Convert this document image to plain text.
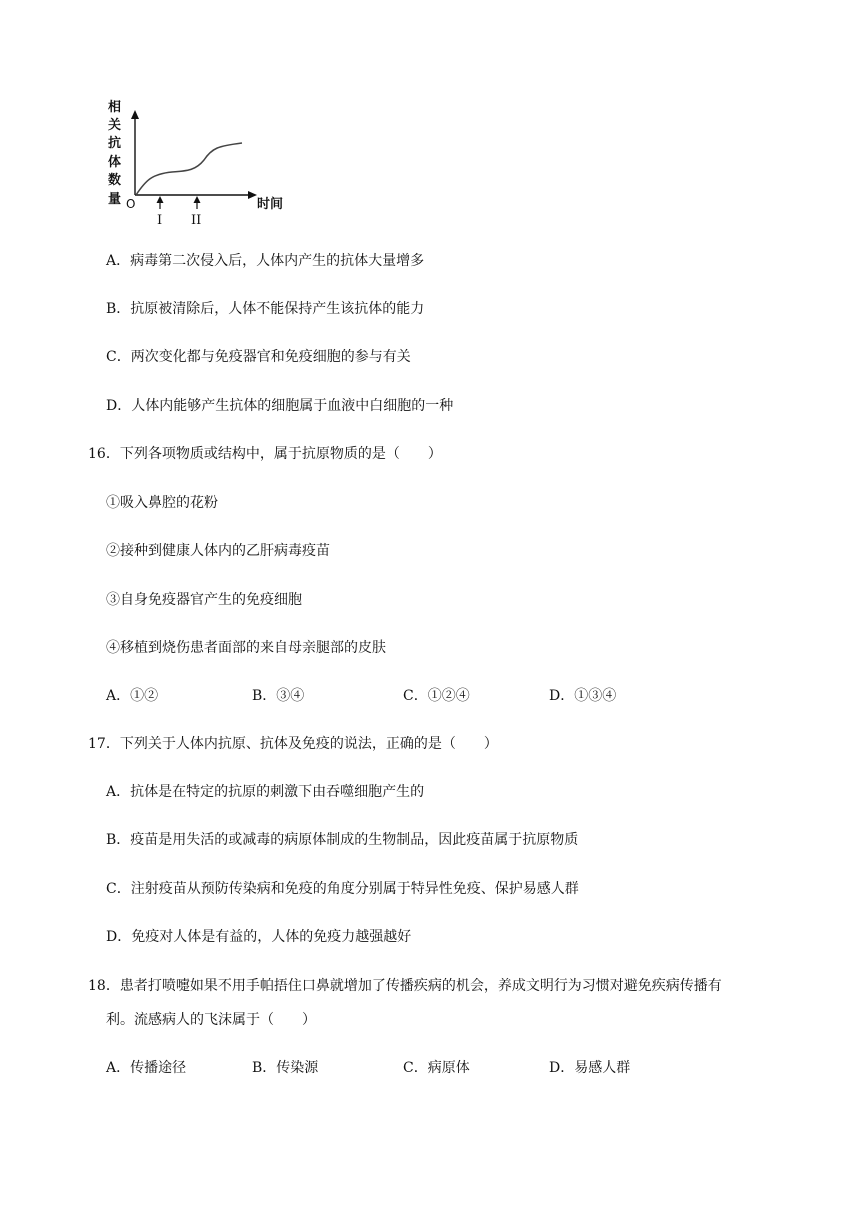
相
关
抗
体
数
量 O	时间
I II
A．病毒第二次侵入后，人体内产生的抗体大量增多
B．抗原被清除后，人体不能保持产生该抗体的能力
C．两次变化都与免疫器官和免疫细胞的参与有关
D．人体内能够产生抗体的细胞属于血液中白细胞的一种
16．下列各项物质或结构中，属于抗原物质的是（　　）
①吸入鼻腔的花粉
②接种到健康人体内的乙肝病毒疫苗
③自身免疫器官产生的免疫细胞
④移植到烧伤患者面部的来自母亲腿部的皮肤
A．①②	B．③④	C．①②④	D．①③④
17．下列关于人体内抗原、抗体及免疫的说法，正确的是（　　）
A．抗体是在特定的抗原的刺激下由吞噬细胞产生的
B．疫苗是用失活的或减毒的病原体制成的生物制品，因此疫苗属于抗原物质
C．注射疫苗从预防传染病和免疫的角度分别属于特异性免疫、保护易感人群
D．免疫对人体是有益的，人体的免疫力越强越好
18．患者打喷嚏如果不用手帕捂住口鼻就增加了传播疾病的机会，养成文明行为习惯对避免疾病传播有
利。流感病人的飞沫属于（　　）
A．传播途径	B．传染源	C．病原体	D．易感人群
